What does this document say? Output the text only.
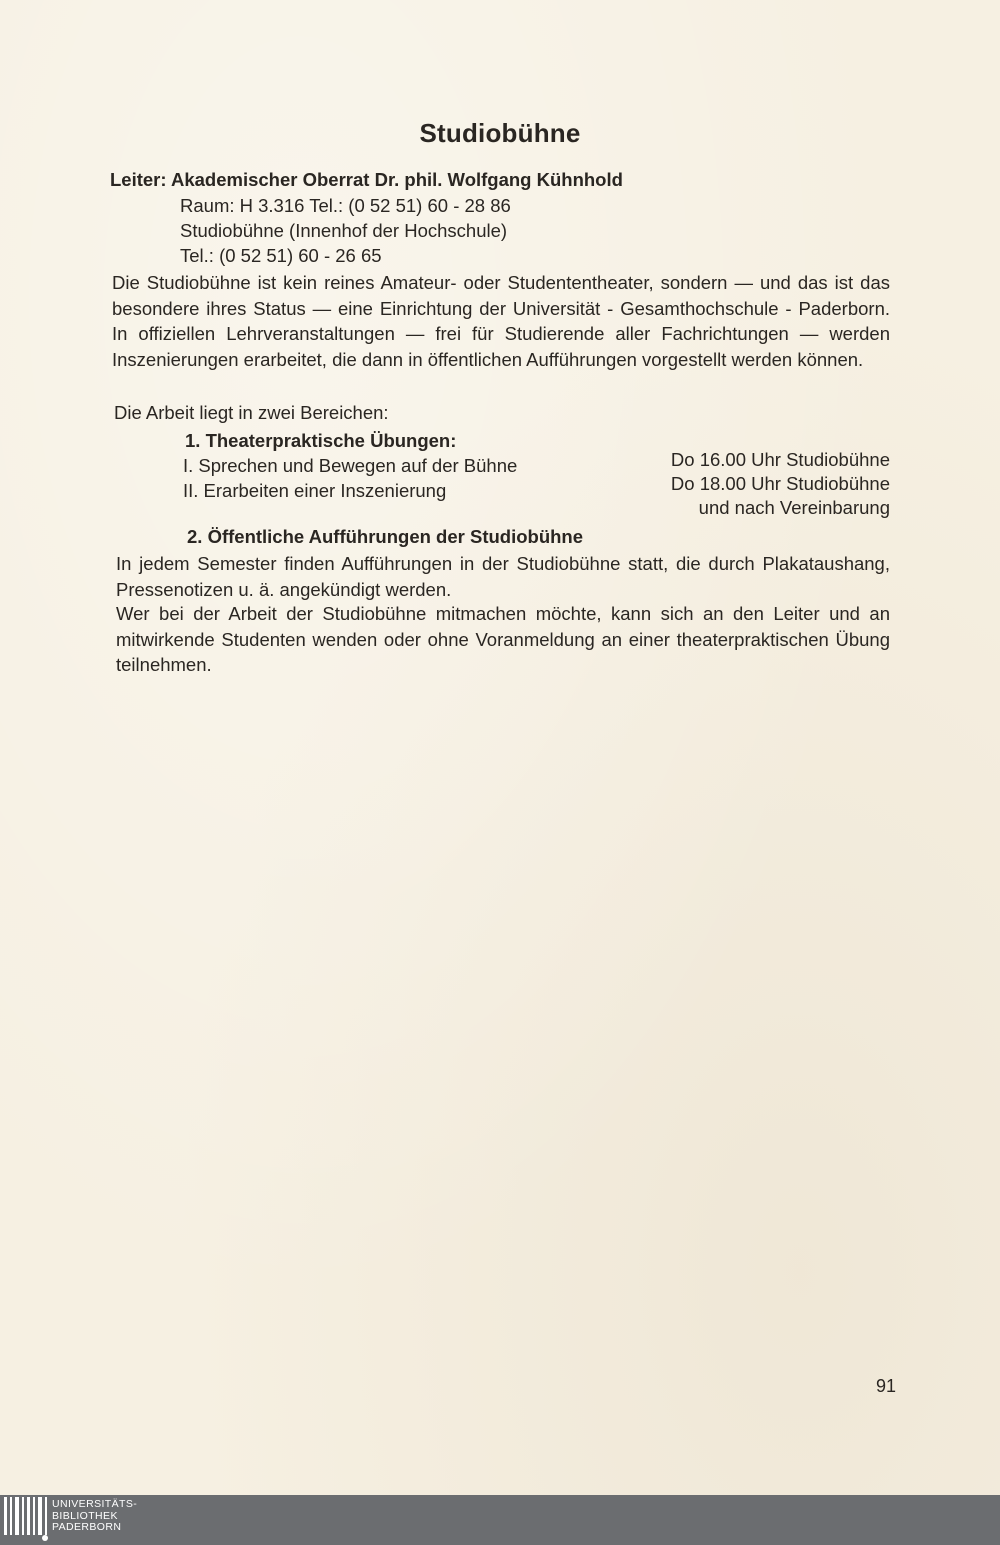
Studiobühne
Leiter: Akademischer Oberrat Dr. phil. Wolfgang Kühnhold
Raum: H 3.316 Tel.: (0 52 51) 60 - 28 86
Studiobühne (Innenhof der Hochschule)
Tel.: (0 52 51) 60 - 26 65
Die Studiobühne ist kein reines Amateur- oder Studententheater, sondern — und das ist das besondere ihres Status — eine Einrichtung der Universität - Gesamthochschule - Paderborn. In offiziellen Lehrveranstaltungen — frei für Studierende aller Fachrichtungen — werden Inszenierungen erarbeitet, die dann in öffentlichen Aufführungen vorgestellt werden können.
Die Arbeit liegt in zwei Bereichen:
1. Theaterpraktische Übungen:
I. Sprechen und Bewegen auf der Bühne
II. Erarbeiten einer Inszenierung
Do 16.00 Uhr Studiobühne
Do 18.00 Uhr Studiobühne
und nach Vereinbarung
2. Öffentliche Aufführungen der Studiobühne
In jedem Semester finden Aufführungen in der Studiobühne statt, die durch Plakataushang, Pressenotizen u. ä. angekündigt werden.
Wer bei der Arbeit der Studiobühne mitmachen möchte, kann sich an den Leiter und an mitwirkende Studenten wenden oder ohne Voranmeldung an einer theaterpraktischen Übung teilnehmen.
91
UNIVERSITÄTS-
BIBLIOTHEK
PADERBORN
